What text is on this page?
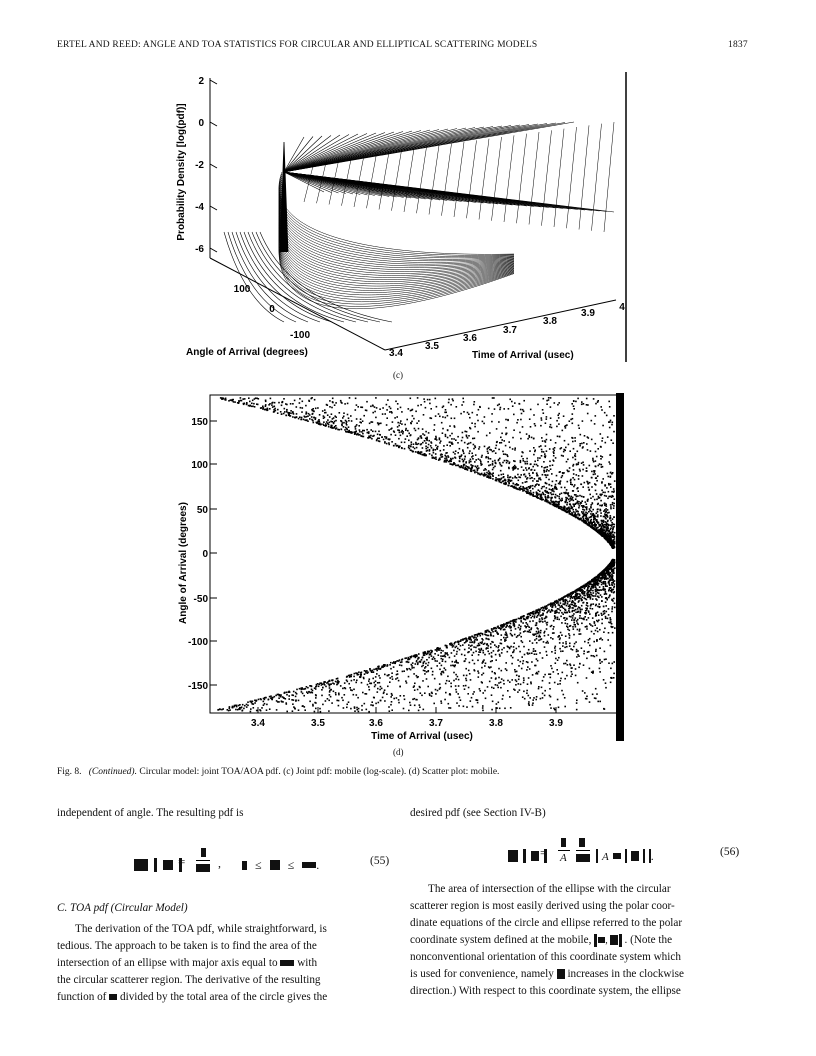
ERTEL AND REED: ANGLE AND TOA STATISTICS FOR CIRCULAR AND ELLIPTICAL SCATTERING MODELS	1837
2
0
-2
-4
-6
100
0
-100
3.4
3.5
3.6
3.7
3.8
3.9
4
Probability Density [log(pdf)]
Angle of Arrival (degrees)	Time of Arrival (usec)
(c)
150
100
50
0
-50
-100
-150
3.4	3.5	3.6	3.7	3.8	3.9
Angle of Arrival (degrees)
Time of Arrival (usec)
(d)
Fig. 8. (Continued). Circular model: joint TOA/AOA pdf. (c) Joint pdf: mobile (log-scale). (d) Scatter plot: mobile.

independent of angle. The resulting pdf is

=	,	≤ ≤ .	(55)

C. TOA pdf (Circular Model)

The derivation of the TOA pdf, while straightforward, is

tedious. The approach to be taken is to find the area of the

intersection of an ellipse with major axis equal to with

the circular scatterer region. The derivative of the resulting

function of divided by the total area of the circle gives the

desired pdf (see Section IV-B)

= A	A	.	(56)

The area of intersection of the ellipse with the circular

scatterer region is most easily derived using the polar coor-

dinate equations of the circle and ellipse referred to the polar

coordinate system defined at the mobile, , . (Note the

nonconventional orientation of this coordinate system which

is used for convenience, namely increases in the clockwise

direction.) With respect to this coordinate system, the ellipse
